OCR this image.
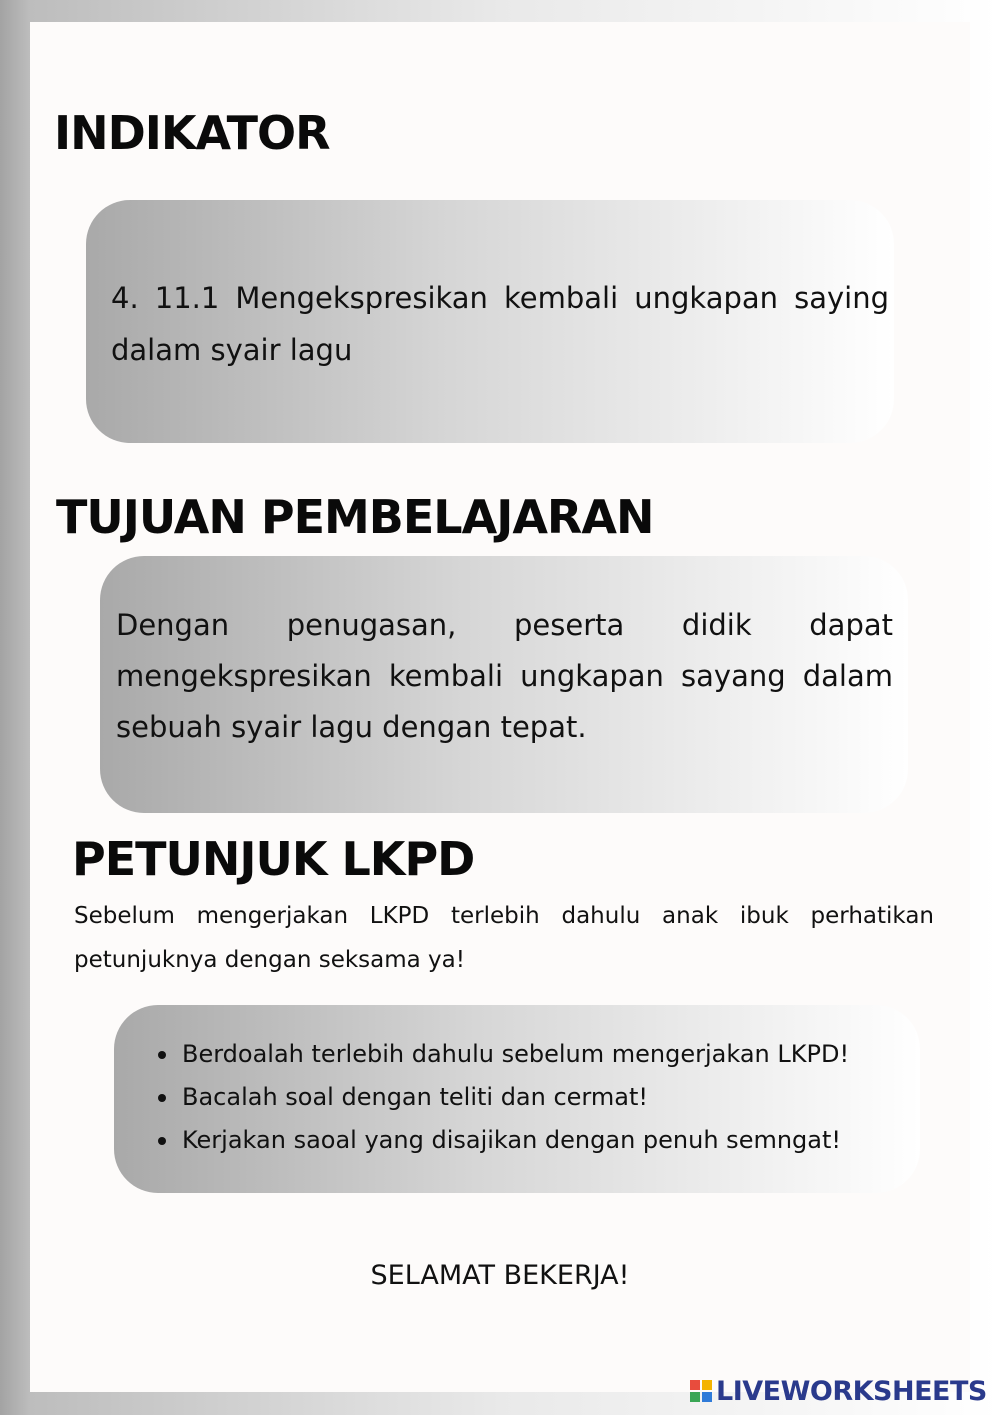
INDIKATOR

4. 11.1 Mengekspresikan kembali ungkapan saying dalam syair lagu

TUJUAN PEMBELAJARAN

Dengan penugasan, peserta didik dapat mengekspresikan kembali ungkapan sayang dalam sebuah syair lagu dengan tepat.

PETUNJUK LKPD

Sebelum mengerjakan LKPD terlebih dahulu anak ibuk perhatikan petunjuknya dengan seksama ya!

Berdoalah terlebih dahulu sebelum mengerjakan LKPD!
Bacalah soal dengan teliti dan cermat!
Kerjakan saoal yang disajikan dengan penuh semngat!

SELAMAT BEKERJA!

LIVEWORKSHEETS
